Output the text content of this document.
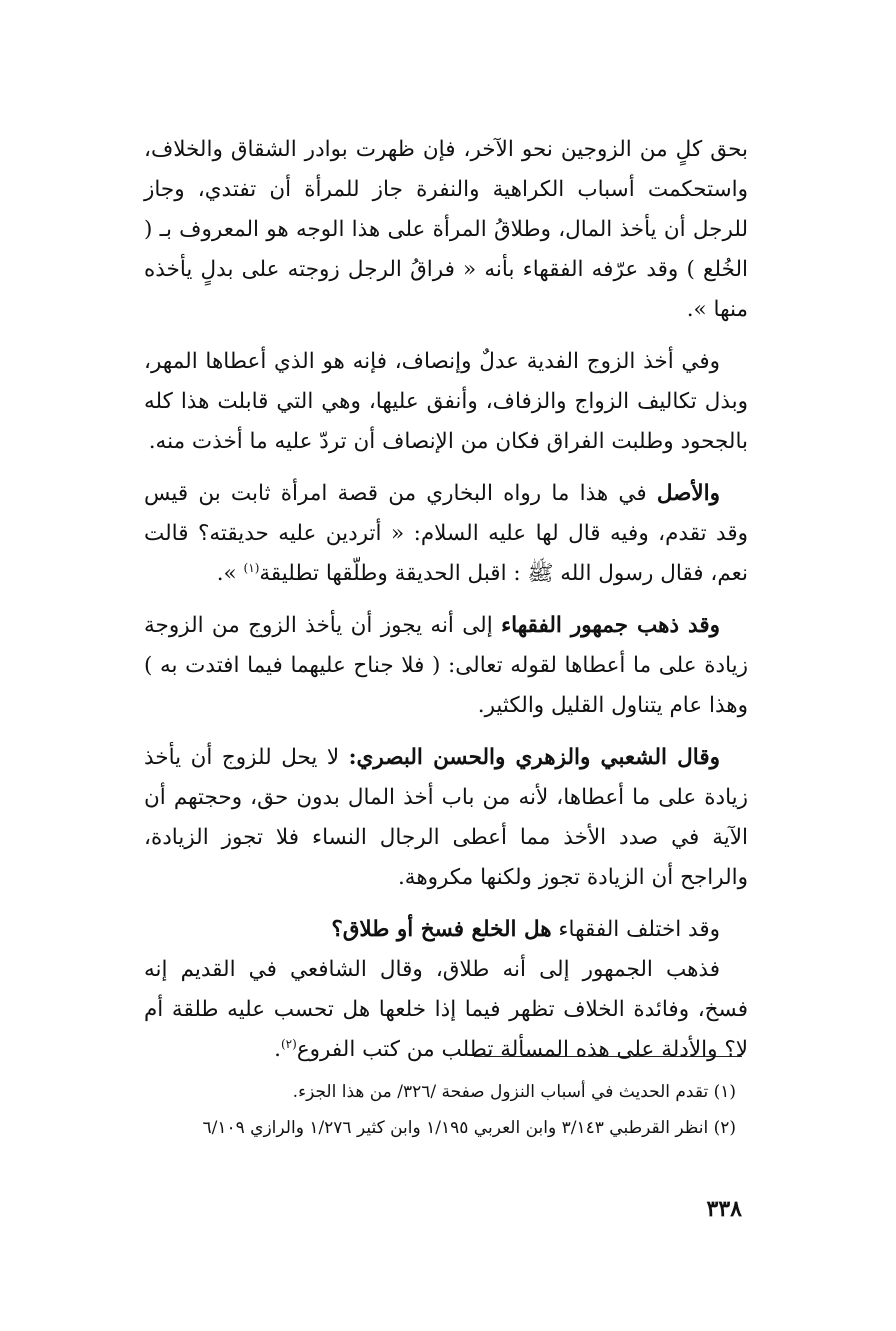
بحق كلٍ من الزوجين نحو الآخر، فإن ظهرت بوادر الشقاق والخلاف، واستحكمت أسباب الكراهية والنفرة جاز للمرأة أن تفتدي، وجاز للرجل أن يأخذ المال، وطلاقُ المرأة على هذا الوجه هو المعروف بـ ( الخُلع ) وقد عرّفه الفقهاء بأنه « فراقُ الرجل زوجته على بدلٍ يأخذه منها ».

وفي أخذ الزوج الفدية عدلٌ وإنصاف، فإنه هو الذي أعطاها المهر، وبذل تكاليف الزواج والزفاف، وأنفق عليها، وهي التي قابلت هذا كله بالجحود وطلبت الفراق فكان من الإنصاف أن تردّ عليه ما أخذت منه.

والأصل في هذا ما رواه البخاري من قصة امرأة ثابت بن قيس وقد تقدم، وفيه قال لها عليه السلام: « أتردين عليه حديقته؟ قالت نعم، فقال رسول الله ﷺ : اقبل الحديقة وطلّقها تطليقة$^{(١)}$ ».

وقد ذهب جمهور الفقهاء إلى أنه يجوز أن يأخذ الزوج من الزوجة زيادة على ما أعطاها لقوله تعالى: ( فلا جناح عليهما فيما افتدت به ) وهذا عام يتناول القليل والكثير.

وقال الشعبي والزهري والحسن البصري: لا يحل للزوج أن يأخذ زيادة على ما أعطاها، لأنه من باب أخذ المال بدون حق، وحجتهم أن الآية في صدد الأخذ مما أعطى الرجال النساء فلا تجوز الزيادة، والراجح أن الزيادة تجوز ولكنها مكروهة.

وقد اختلف الفقهاء هل الخلع فسخ أو طلاق؟

فذهب الجمهور إلى أنه طلاق، وقال الشافعي في القديم إنه فسخ، وفائدة الخلاف تظهر فيما إذا خلعها هل تحسب عليه طلقة أم لا؟ والأدلة على هذه المسألة تطلب من كتب الفروع$^{(٢)}$.

(١) تقدم الحديث في أسباب النزول صفحة /٣٢٦/ من هذا الجزء.
(٢) انظر القرطبي ٣/١٤٣ وابن العربي ١/١٩٥ وابن كثير ١/٢٧٦ والرازي ٦/١٠٩
٣٣٨
